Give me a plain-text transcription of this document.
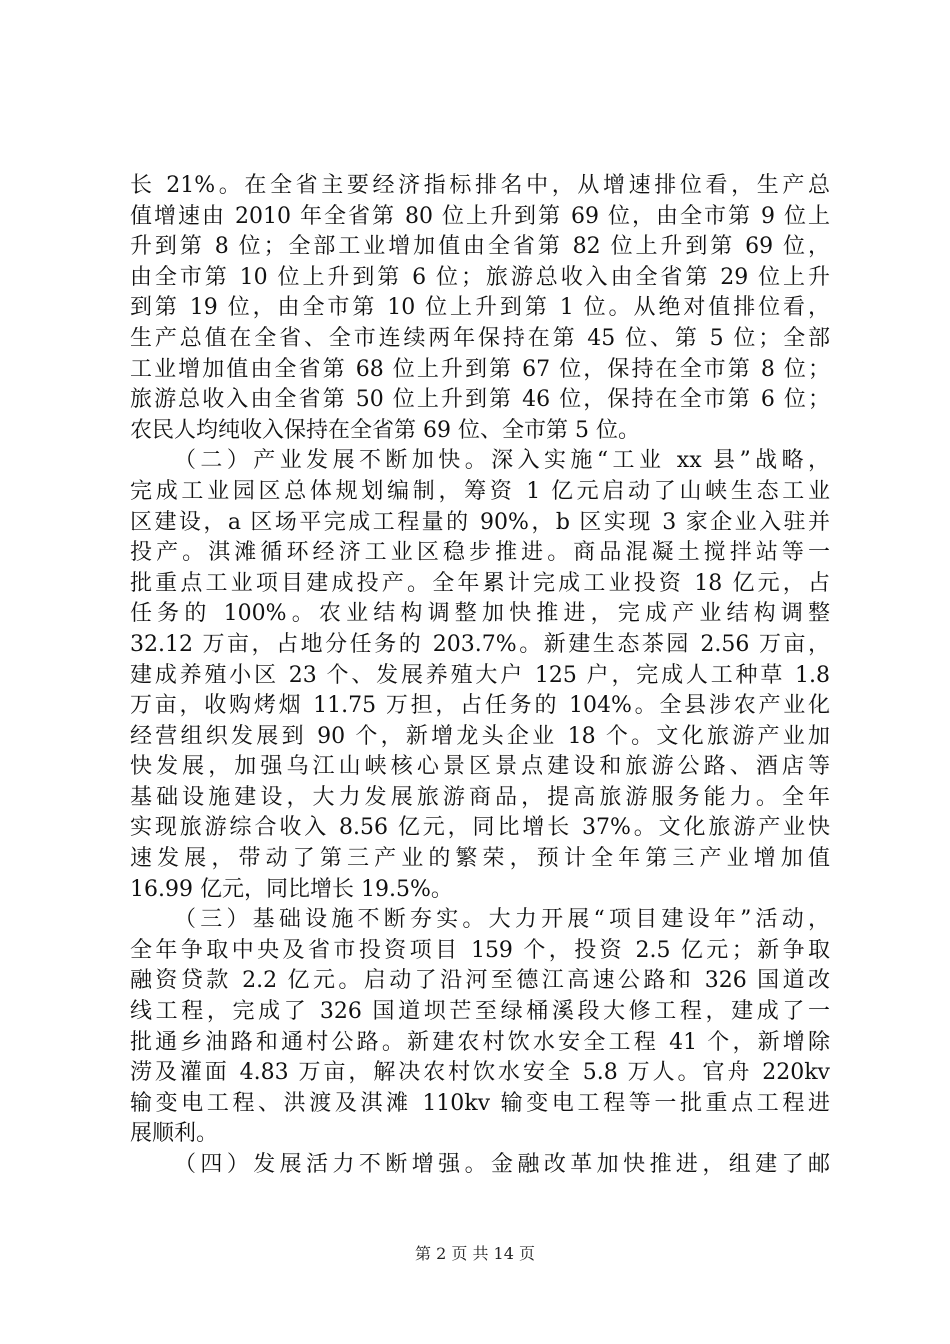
长 21%。在全省主要经济指标排名中，从增速排位看，生产总
值增速由 2010 年全省第 80 位上升到第 69 位，由全市第 9 位上
升到第 8 位；全部工业增加值由全省第 82 位上升到第 69 位，
由全市第 10 位上升到第 6 位；旅游总收入由全省第 29 位上升
到第 19 位，由全市第 10 位上升到第 1 位。从绝对值排位看，
生产总值在全省、全市连续两年保持在第 45 位、第 5 位；全部
工业增加值由全省第 68 位上升到第 67 位，保持在全市第 8 位；
旅游总收入由全省第 50 位上升到第 46 位，保持在全市第 6 位；
农民人均纯收入保持在全省第 69 位、全市第 5 位。
（二）产业发展不断加快。深入实施“工业 xx 县”战略，
完成工业园区总体规划编制，筹资 1 亿元启动了山峡生态工业
区建设，a 区场平完成工程量的 90%，b 区实现 3 家企业入驻并
投产。淇滩循环经济工业区稳步推进。商品混凝土搅拌站等一
批重点工业项目建成投产。全年累计完成工业投资 18 亿元，占
任务的 100%。农业结构调整加快推进，完成产业结构调整
32.12 万亩，占地分任务的 203.7%。新建生态茶园 2.56 万亩，
建成养殖小区 23 个、发展养殖大户 125 户，完成人工种草 1.8
万亩，收购烤烟 11.75 万担，占任务的 104%。全县涉农产业化
经营组织发展到 90 个，新增龙头企业 18 个。文化旅游产业加
快发展，加强乌江山峡核心景区景点建设和旅游公路、酒店等
基础设施建设，大力发展旅游商品，提高旅游服务能力。全年
实现旅游综合收入 8.56 亿元，同比增长 37%。文化旅游产业快
速发展，带动了第三产业的繁荣，预计全年第三产业增加值
16.99 亿元，同比增长 19.5%。
（三）基础设施不断夯实。大力开展“项目建设年”活动，
全年争取中央及省市投资项目 159 个，投资 2.5 亿元；新争取
融资贷款 2.2 亿元。启动了沿河至德江高速公路和 326 国道改
线工程，完成了 326 国道坝芒至绿桶溪段大修工程，建成了一
批通乡油路和通村公路。新建农村饮水安全工程 41 个，新增除
涝及灌面 4.83 万亩，解决农村饮水安全 5.8 万人。官舟 220kv
输变电工程、洪渡及淇滩 110kv 输变电工程等一批重点工程进
展顺利。
（四）发展活力不断增强。金融改革加快推进，组建了邮
第 2 页 共 14 页
